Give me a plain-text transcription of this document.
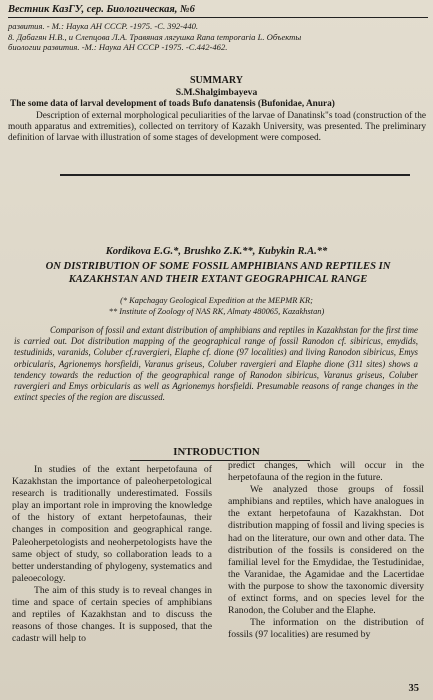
Вестник КазГУ, сер. Биологическая, №6

развития. - М.: Наука АН СССР. -1975. -С. 392-440.

8. Дабагян Н.В., и Слепцова Л.А. Травяная лягушка Rana temporaria L. Объекты

биологии развития. -М.: Наука АН СССР -1975. -С.442-462.

SUMMARY
S.M.Shalgimbayeva
The some data of larval development of toads Bufo danatensis (Bufonidae, Anura)
Description of external morphological peculiarities of the larvae of Danatinsk"s toad (construction of the mouth apparatus and extremities), collected on territory of Kazakh University, was presented. The preliminary definition of larvae with illustration of some stages of development were composed.
Kordikova E.G.*, Brushko Z.K.**, Kubykin R.A.**
ON DISTRIBUTION OF SOME FOSSIL AMPHIBIANS AND REPTILES IN KAZAKHSTAN AND THEIR EXTANT GEOGRAPHICAL RANGE
(* Kapchagay Geological Expedition at the MEPMR KR;
** Institute of Zoology of NAS RK, Almaty 480065, Kazakhstan)
Comparison of fossil and extant distribution of amphibians and reptiles in Kazakhstan for the first time is carried out. Dot distribution mapping of the geographical range of fossil Ranodon cf. sibiricus, emydids, testudinids, varanids, Coluber cf.ravergieri, Elaphe cf. dione (97 localities) and living Ranodon sibiricus, Emys orbicularis, Agrionemys horsfieldi, Varanus griseus, Coluber ravergieri and Elaphe dione (311 sites) shows a tendency towards the reduction of the geographical range of Ranodon sibiricus, Varanus griseus, Coluber ravergieri and Emys orbicularis as well as Agrionemys horsfieldi. Presumable reasons of range changes in the extinct species of the region are discussed.
INTRODUCTION

In studies of the extant herpetofauna of Kazakhstan the importance of paleoherpetological research is traditionally underestimated. Fossils play an important role in improving the knowledge of the history of extant herpetofaunas, their changes in composition and geographical range. Paleoherpetologists and neoherpetologists have the same object of study, so collaboration leads to a better understanding of phylogeny, systematics and paleoecology.

The aim of this study is to reveal changes in time and space of certain species of amphibians and reptiles of Kazakhstan and to discuss the reasons of those changes. It is supposed, that the cadastr will help to

predict changes, which will occur in the herpetofauna of the region in the future.

We analyzed those groups of fossil amphibians and reptiles, which have analogues in the extant herpetofauna of Kazakhstan. Dot distribution mapping of fossil and living species is had on the literature, our own and other data. The distribution of the fossils is considered on the familial level for the Emydidae, the Testudinidae, the Varanidae, the Agamidae and the Lacertidae with the purpose to show the taxonomic diversity of extinct forms, and on species level for the Ranodon, the Coluber and the Elaphe.

The information on the distribution of fossils (97 localities) are resumed by

35
